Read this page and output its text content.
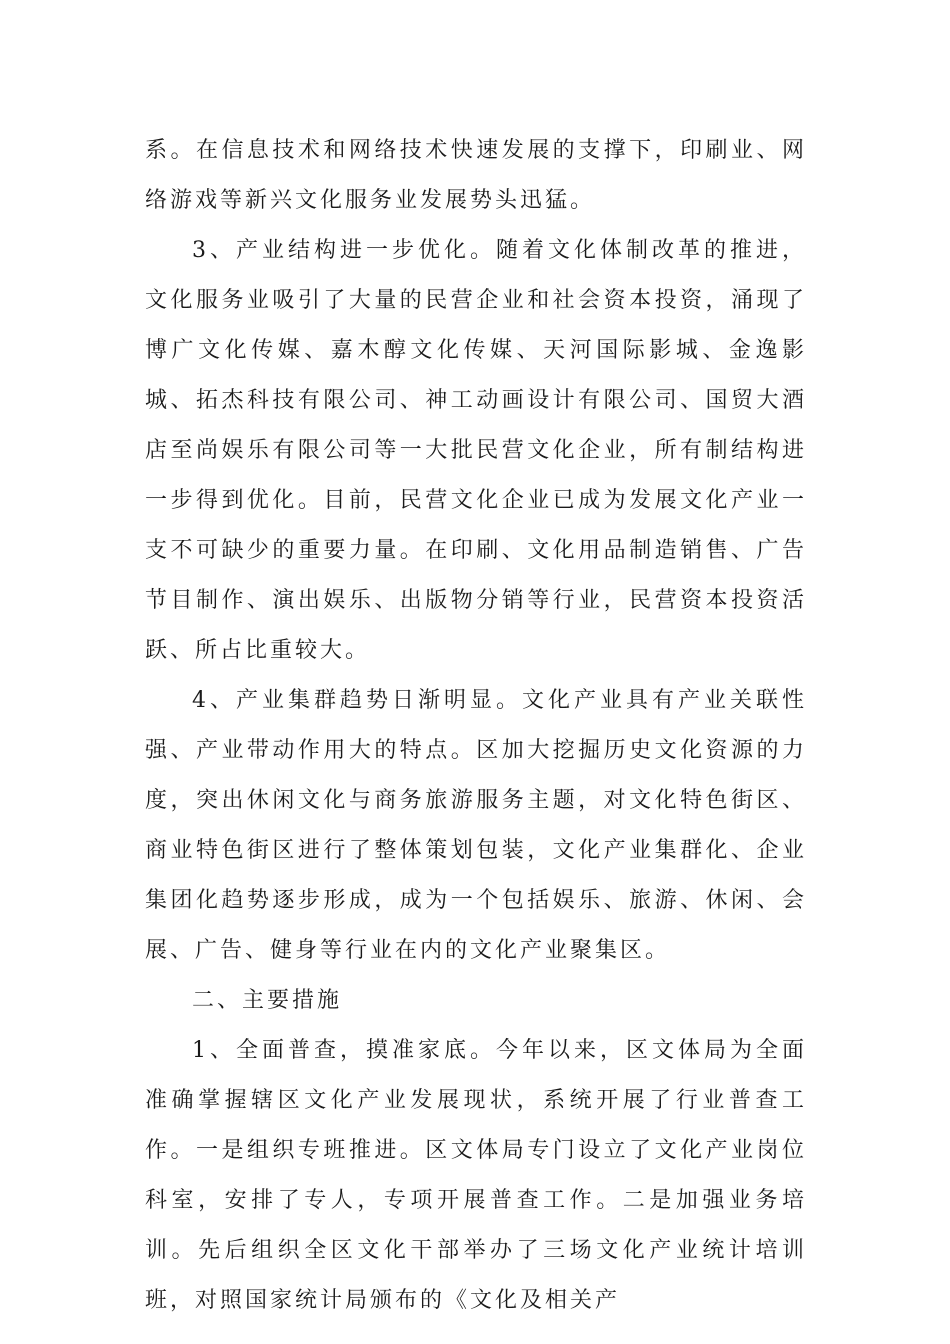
系。在信息技术和网络技术快速发展的支撑下，印刷业、网络游戏等新兴文化服务业发展势头迅猛。

3、产业结构进一步优化。随着文化体制改革的推进，文化服务业吸引了大量的民营企业和社会资本投资，涌现了博广文化传媒、嘉木醇文化传媒、天河国际影城、金逸影城、拓杰科技有限公司、神工动画设计有限公司、国贸大酒店至尚娱乐有限公司等一大批民营文化企业，所有制结构进一步得到优化。目前，民营文化企业已成为发展文化产业一支不可缺少的重要力量。在印刷、文化用品制造销售、广告节目制作、演出娱乐、出版物分销等行业，民营资本投资活跃、所占比重较大。

4、产业集群趋势日渐明显。文化产业具有产业关联性强、产业带动作用大的特点。区加大挖掘历史文化资源的力度，突出休闲文化与商务旅游服务主题，对文化特色街区、商业特色街区进行了整体策划包装，文化产业集群化、企业集团化趋势逐步形成，成为一个包括娱乐、旅游、休闲、会展、广告、健身等行业在内的文化产业聚集区。

二、主要措施

1、全面普查，摸准家底。今年以来，区文体局为全面准确掌握辖区文化产业发展现状，系统开展了行业普查工作。一是组织专班推进。区文体局专门设立了文化产业岗位科室，安排了专人，专项开展普查工作。二是加强业务培训。先后组织全区文化干部举办了三场文化产业统计培训班，对照国家统计局颁布的《文化及相关产
